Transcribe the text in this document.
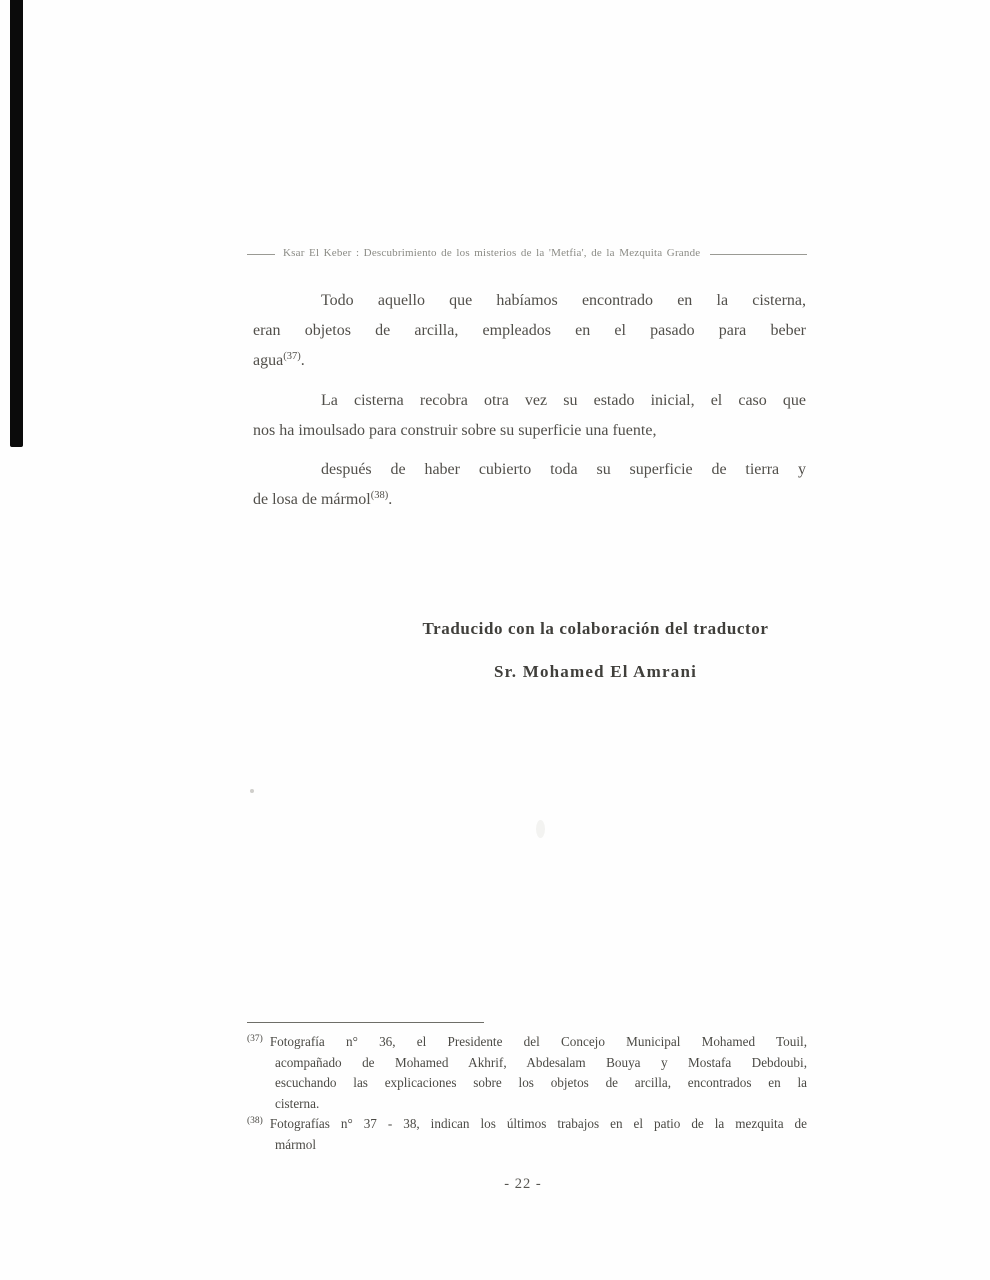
Ksar El Keber : Descubrimiento de los misterios de la 'Metfia', de la Mezquita Grande
Todo aquello que habíamos encontrado en la cisterna,
eran objetos de arcilla, empleados en el pasado para beber
agua$^{(37)}$.
La cisterna recobra otra vez su estado inicial, el caso que
nos ha imoulsado para construir sobre su superficie una fuente,
después de haber cubierto toda su superficie de tierra y
de losa de mármol$^{(38)}$.
Traducido con la colaboración del traductor
Sr. Mohamed El Amrani
$^{(37)}$ Fotografía n° 36, el Presidente del Concejo Municipal Mohamed Touil,
acompañado de Mohamed Akhrif, Abdesalam Bouya y Mostafa Debdoubi,
escuchando las explicaciones sobre los objetos de arcilla, encontrados en la
cisterna.
$^{(38)}$ Fotografías n° 37 - 38, indican los últimos trabajos en el patio de la mezquita de
mármol
- 22 -
